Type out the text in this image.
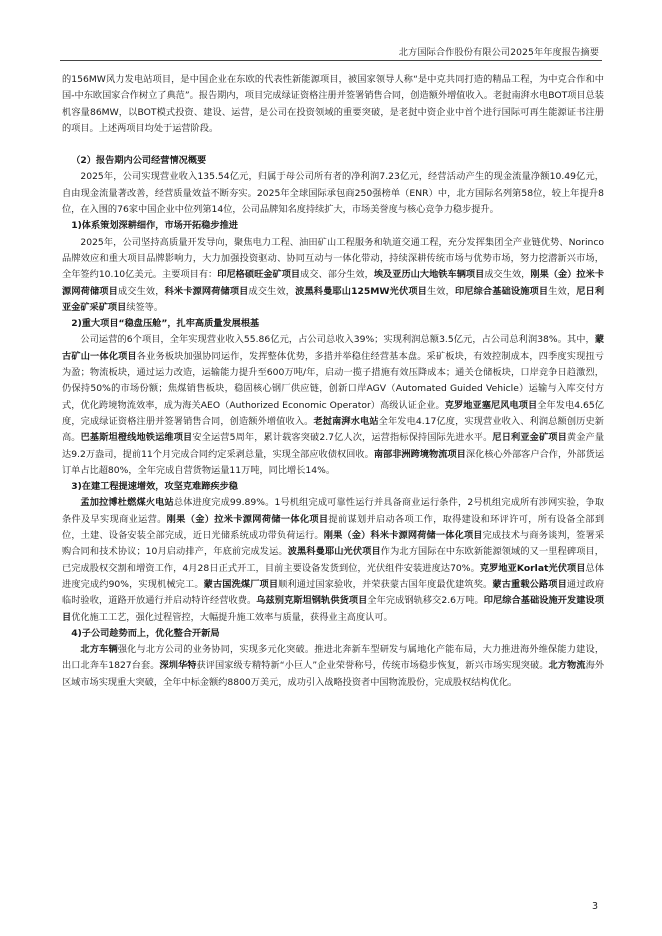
北方国际合作股份有限公司2025年年度报告摘要

的156MW风力发电站项目，是中国企业在东欧的代表性新能源项目，被国家领导人称“是中克共同打造的精品工程，为中克合作和中国-中东欧国家合作树立了典范”。报告期内，项目完成绿证资格注册并签署销售合同，创造额外增值收入。老挝南湃水电BOT项目总装机容量86MW，以BOT模式投资、建设、运营，是公司在投资领域的重要突破，是老挝中资企业中首个进行国际可再生能源证书注册的项目。上述两项目均处于运营阶段。

（2）报告期内公司经营情况概要

2025年，公司实现营业收入135.54亿元，归属于母公司所有者的净利润7.23亿元，经营活动产生的现金流量净额10.49亿元，自由现金流量著改善，经营质量效益不断夯实。2025年全球国际承包商250强榜单（ENR）中，北方国际名列第58位，较上年提升8位，在入围的76家中国企业中位列第14位，公司品牌知名度持续扩大，市场美誉度与核心竞争力稳步提升。

1)体系策划深耕细作，市场开拓稳步推进

2025年，公司坚持高质量开发导向，聚焦电力工程、油田矿山工程服务和轨道交通工程，充分发挥集团全产业链优势、Norinco品牌效应和重大项目品牌影响力，大力加强投资驱动、协同互动与一体化带动，持续深耕传统市场与优势市场，努力挖潜新兴市场，全年签约10.10亿美元。主要项目有：印尼格硕旺金矿项目成交、部分生效，埃及亚历山大地铁车辆项目成交生效，刚果（金）拉米卡源网荷储项目成交生效，科米卡源网荷储项目成交生效，波黑科曼耶山125MW光伏项目生效，印尼综合基础设施项目生效，尼日利亚金矿采矿项目续签等。

2)重大项目“稳盘压舱”，扎牢高质量发展根基

公司运营的6个项目，全年实现营业收入55.86亿元，占公司总收入39%；实现利润总额3.5亿元，占公司总利润38%。其中，蒙古矿山一体化项目各业务板块加强协同运作，发挥整体优势，多措并举稳住经营基本盘。采矿板块，有效控制成本，四季度实现扭亏为盈；物流板块，通过运力改造，运输能力提升至600万吨/年，启动一揽子措施有效压降成本；通关仓储板块，口岸竞争日趋激烈，仍保持50%的市场份额；焦煤销售板块，稳固核心钢厂供应链，创新口岸AGV（Automated Guided Vehicle）运输与入库交付方式，优化跨境物流效率，成为海关AEO（Authorized Economic Operator）高级认证企业。克罗地亚塞尼风电项目全年发电4.65亿度，完成绿证资格注册并签署销售合同，创造额外增值收入。老挝南湃水电站全年发电4.17亿度，实现营业收入、利润总额创历史新高。巴基斯坦橙线地铁运维项目安全运营5周年，累计载客突破2.7亿人次，运营指标保持国际先进水平。尼日利亚金矿项目黄金产量达9.2万盎司，提前11个月完成合同约定采剥总量，实现全部应收债权回收。南部非洲跨境物流项目深化核心外部客户合作，外部货运订单占比超80%，全年完成自营货物运量11万吨，同比增长14%。

3)在建工程提速增效，攻坚克难蹄疾步稳

孟加拉博杜燃煤火电站总体进度完成99.89%。1号机组完成可靠性运行并具备商业运行条件，2号机组完成所有涉网实验，争取条件及早实现商业运营。刚果（金）拉米卡源网荷储一体化项目提前谋划并启动各项工作，取得建设和环评许可，所有设备全部到位，土建、设备安装全部完成，近日光储系统成功带负荷运行。刚果（金）科米卡源网荷储一体化项目完成技术与商务谈判，签署采购合同和技术协议；10月启动排产，年底前完成发运。波黑科曼耶山光伏项目作为北方国际在中东欧新能源领域的又一里程碑项目，已完成股权交割和增资工作，4月28日正式开工，目前主要设备发货到位，光伏组件安装进度达70%。克罗地亚Korlat光伏项目总体进度完成约90%，实现机械完工。蒙古国洗煤厂项目顺利通过国家验收，并荣获蒙古国年度最优建筑奖。蒙古重载公路项目通过政府临时验收，道路开放通行并启动特许经营收费。乌兹别克斯坦钢轨供货项目全年完成钢轨移交2.6万吨。印尼综合基础设施开发建设项目优化施工工艺，强化过程管控，大幅提升施工效率与质量，获得业主高度认可。

4)子公司趁势而上，优化整合开新局

北方车辆强化与北方公司的业务协同，实现多元化突破。推进北奔新车型研发与属地化产能布局，大力推进海外维保能力建设，出口北奔车1827台套。深圳华特获评国家级专精特新“小巨人”企业荣誉称号，传统市场稳步恢复，新兴市场实现突破。北方物流海外区域市场实现重大突破，全年中标金额约8800万美元，成功引入战略投资者中国物流股份，完成股权结构优化。

3
